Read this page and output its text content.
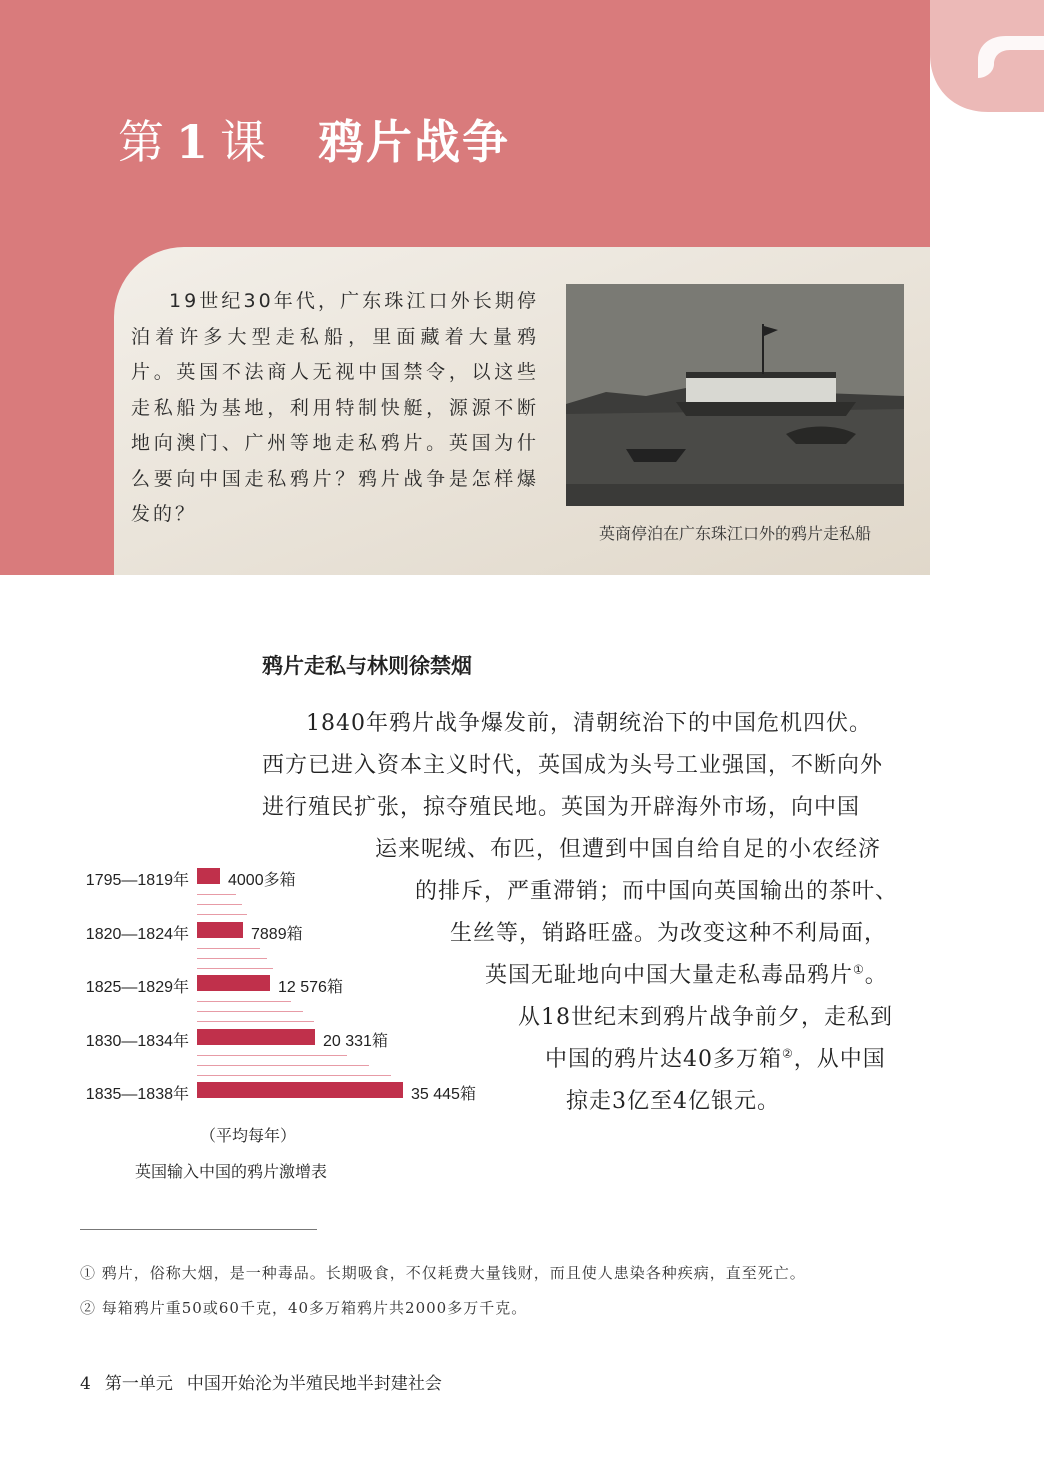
第 1 课 鸦片战争
19世纪30年代，广东珠江口外长期停泊着许多大型走私船，里面藏着大量鸦片。英国不法商人无视中国禁令，以这些走私船为基地，利用特制快艇，源源不断地向澳门、广州等地走私鸦片。英国为什么要向中国走私鸦片？鸦片战争是怎样爆发的？
英商停泊在广东珠江口外的鸦片走私船
鸦片走私与林则徐禁烟
1840年鸦片战争爆发前，清朝统治下的中国危机四伏。
西方已进入资本主义时代，英国成为头号工业强国，不断向外
进行殖民扩张，掠夺殖民地。英国为开辟海外市场，向中国
运来呢绒、布匹，但遭到中国自给自足的小农经济
的排斥，严重滞销；而中国向英国输出的茶叶、
生丝等，销路旺盛。为改变这种不利局面，
英国无耻地向中国大量走私毒品鸦片①。
从18世纪末到鸦片战争前夕，走私到
中国的鸦片达40多万箱②，从中国
掠走3亿至4亿银元。
1795—1819年 4000多箱
1820—1824年	7889箱
1825—1829年	12 576箱
1830—1834年	20 331箱
1835—1838年	35 445箱
（平均每年）
英国输入中国的鸦片激增表
① 鸦片，俗称大烟，是一种毒品。长期吸食，不仅耗费大量钱财，而且使人患染各种疾病，直至死亡。
② 每箱鸦片重50或60千克，40多万箱鸦片共2000多万千克。
4 第一单元 中国开始沦为半殖民地半封建社会
